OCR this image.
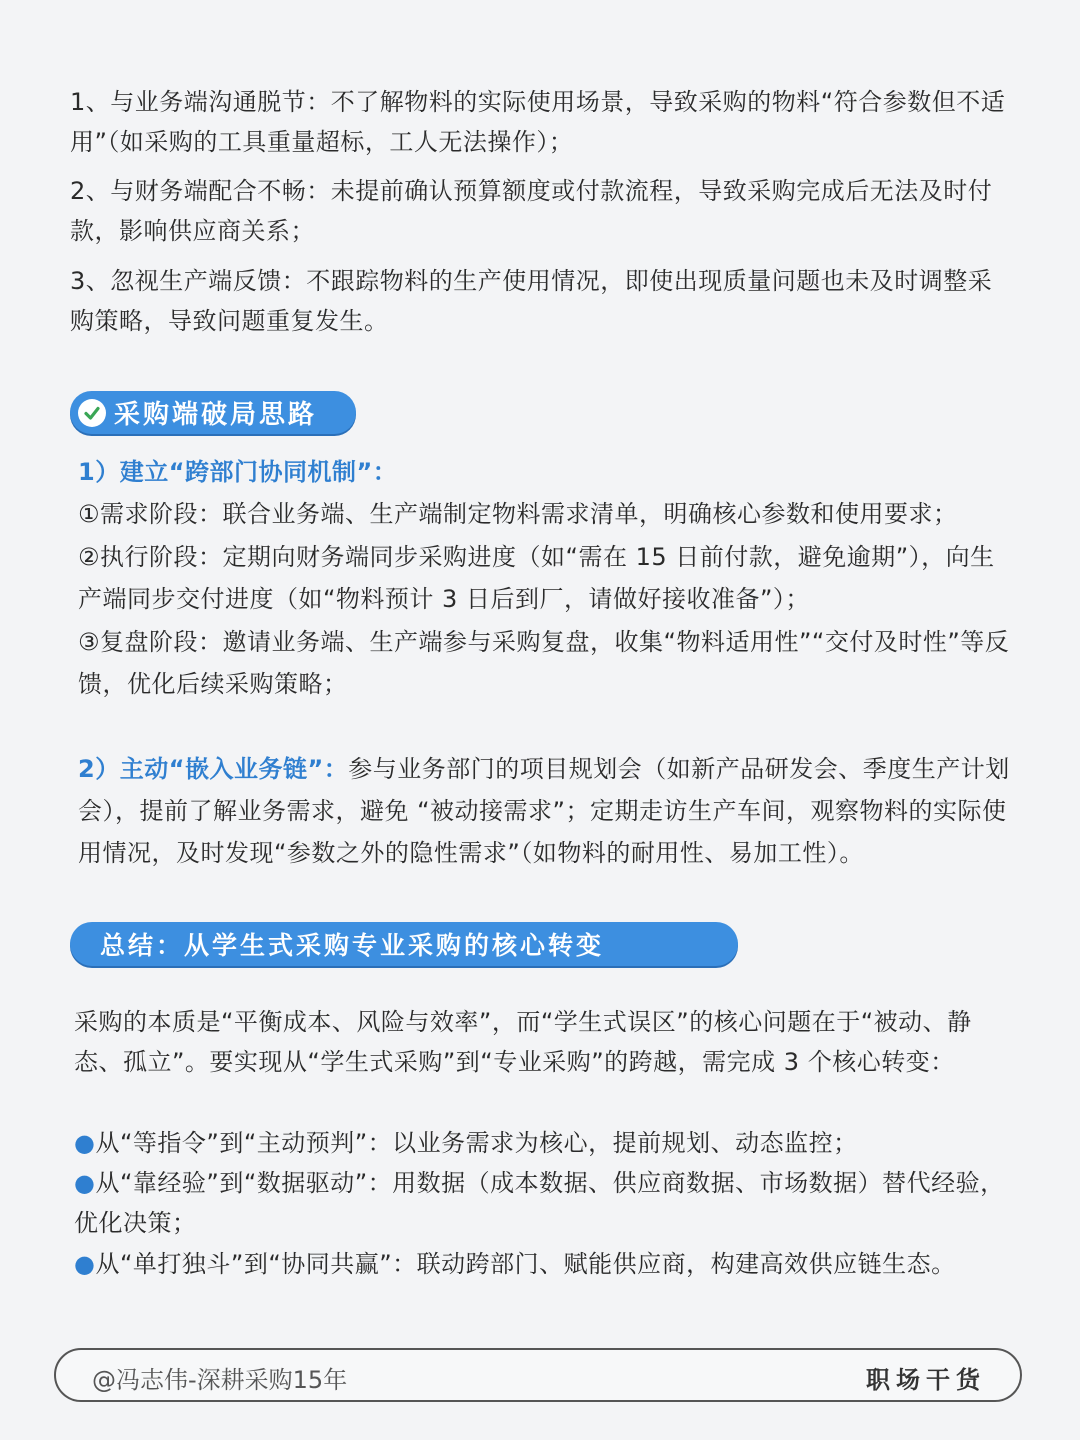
1、与业务端沟通脱节：不了解物料的实际使用场景，导致采购的物料“符合参数但不适用”（如采购的工具重量超标，工人无法操作）；

2、与财务端配合不畅：未提前确认预算额度或付款流程，导致采购完成后无法及时付款，影响供应商关系；

3、忽视生产端反馈：不跟踪物料的生产使用情况，即使出现质量问题也未及时调整采购策略，导致问题重复发生。

采购端破局思路

1）建立“跨部门协同机制”：

①需求阶段：联合业务端、生产端制定物料需求清单，明确核心参数和使用要求；

②执行阶段：定期向财务端同步采购进度（如“需在 15 日前付款，避免逾期”），向生产端同步交付进度（如“物料预计 3 日后到厂，请做好接收准备”）；

③复盘阶段：邀请业务端、生产端参与采购复盘，收集“物料适用性”“交付及时性”等反馈，优化后续采购策略；

2）主动“嵌入业务链”：参与业务部门的项目规划会（如新产品研发会、季度生产计划会），提前了解业务需求，避免 “被动接需求”；定期走访生产车间，观察物料的实际使用情况，及时发现“参数之外的隐性需求”（如物料的耐用性、易加工性）。

总结：从学生式采购专业采购的核心转变

采购的本质是“平衡成本、风险与效率”，而“学生式误区”的核心问题在于“被动、静态、孤立”。要实现从“学生式采购”到“专业采购”的跨越，需完成 3 个核心转变：

●从“等指令”到“主动预判”：以业务需求为核心，提前规划、动态监控；

●从“靠经验”到“数据驱动”：用数据（成本数据、供应商数据、市场数据）替代经验，优化决策；

●从“单打独斗”到“协同共赢”：联动跨部门、赋能供应商，构建高效供应链生态。

@冯志伟-深耕采购15年	职场干货
